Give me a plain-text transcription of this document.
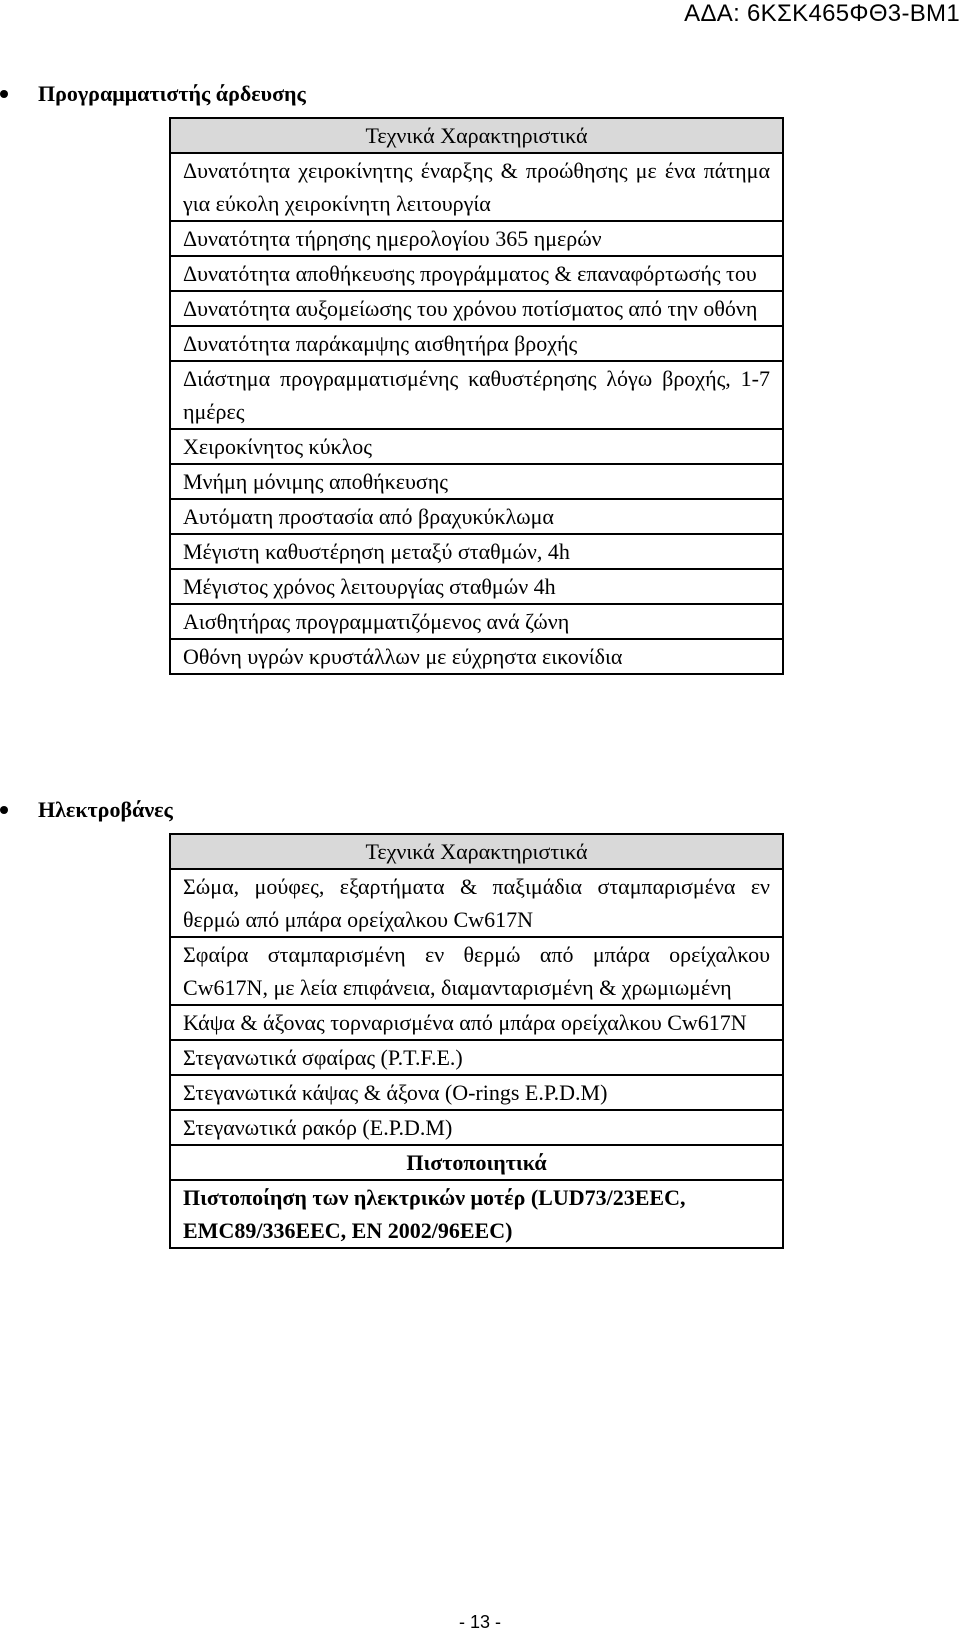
ΑΔΑ: 6ΚΣΚ465ΦΘ3-ΒΜ1
Προγραμματιστής άρδευσης
Τεχνικά Χαρακτηριστικά
Δυνατότητα χειροκίνητης έναρξης & προώθησης με ένα πάτημα για εύκολη χειροκίνητη λειτουργία
Δυνατότητα τήρησης ημερολογίου 365 ημερών
Δυνατότητα αποθήκευσης προγράμματος & επαναφόρτωσής του
Δυνατότητα αυξομείωσης του χρόνου ποτίσματος από την οθόνη
Δυνατότητα παράκαμψης αισθητήρα βροχής
Διάστημα προγραμματισμένης καθυστέρησης λόγω βροχής, 1-7 ημέρες
Χειροκίνητος κύκλος
Μνήμη μόνιμης αποθήκευσης
Αυτόματη προστασία από βραχυκύκλωμα
Μέγιστη καθυστέρηση μεταξύ σταθμών, 4h
Μέγιστος χρόνος λειτουργίας σταθμών 4h
Αισθητήρας προγραμματιζόμενος ανά ζώνη
Οθόνη υγρών κρυστάλλων με εύχρηστα εικονίδια
Ηλεκτροβάνες
Τεχνικά Χαρακτηριστικά
Σώμα, μούφες, εξαρτήματα & παξιμάδια σταμπαρισμένα εν θερμώ από μπάρα ορείχαλκου Cw617N
Σφαίρα σταμπαρισμένη εν θερμώ από μπάρα ορείχαλκου Cw617N, με λεία επιφάνεια, διαμανταρισμένη & χρωμιωμένη
Κάψα & άξονας τορναρισμένα από μπάρα ορείχαλκου Cw617N
Στεγανωτικά σφαίρας (P.T.F.E.)
Στεγανωτικά κάψας & άξονα (O-rings E.P.D.M)
Στεγανωτικά ρακόρ (E.P.D.M)
Πιστοποιητικά
Πιστοποίηση των ηλεκτρικών μοτέρ (LUD73/23EEC, EMC89/336EEC, EN 2002/96EEC)
- 13 -
